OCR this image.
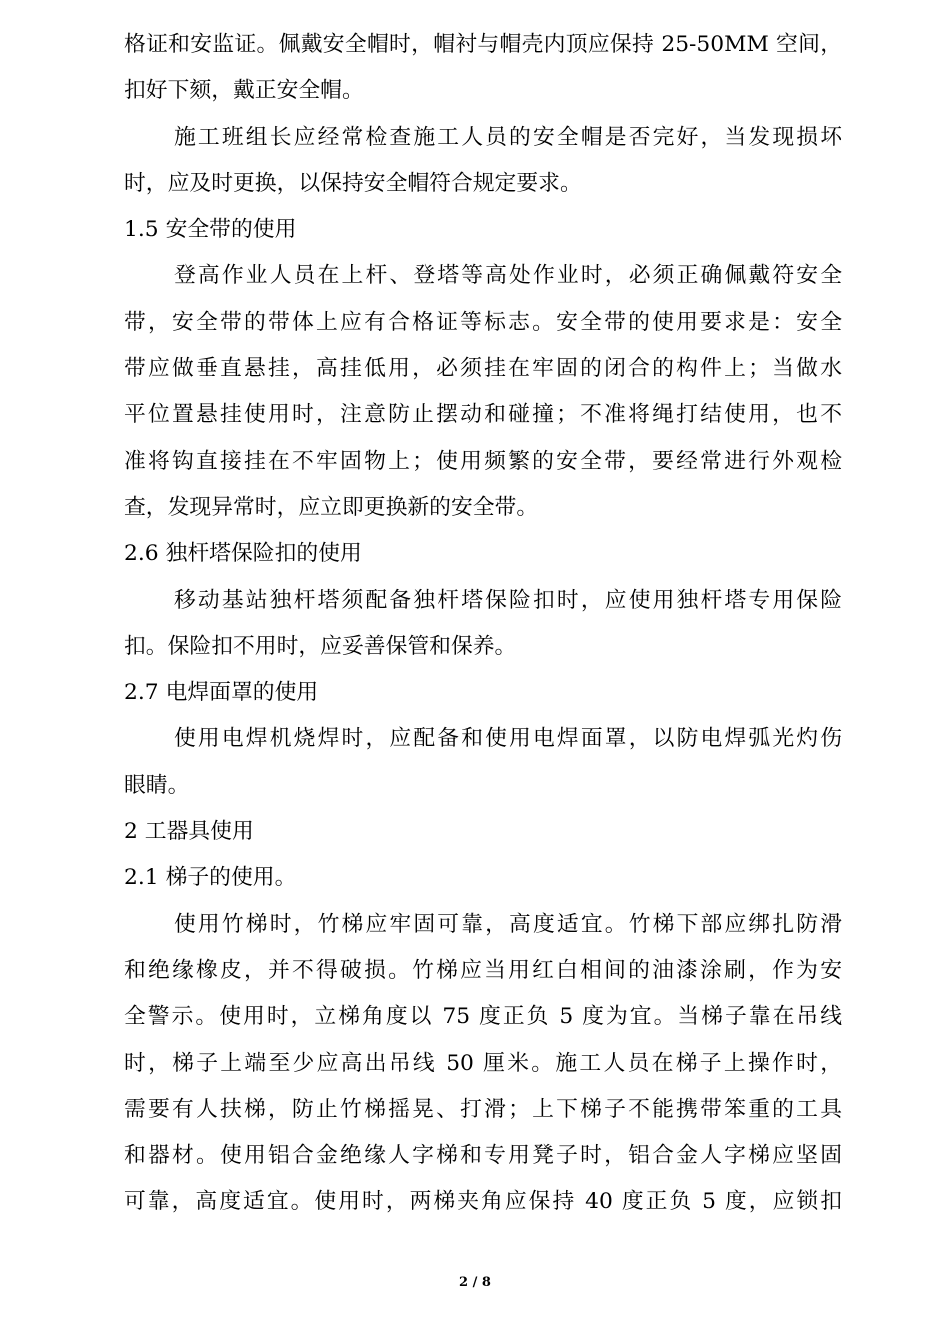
格证和安监证。佩戴安全帽时，帽衬与帽壳内顶应保持 25-50MM 空间，
扣好下颏，戴正安全帽。
施工班组长应经常检查施工人员的安全帽是否完好，当发现损坏
时，应及时更换，以保持安全帽符合规定要求。
1.5 安全带的使用
登高作业人员在上杆、登塔等高处作业时，必须正确佩戴符安全
带，安全带的带体上应有合格证等标志。安全带的使用要求是：安全
带应做垂直悬挂，高挂低用，必须挂在牢固的闭合的构件上；当做水
平位置悬挂使用时，注意防止摆动和碰撞；不准将绳打结使用，也不
准将钩直接挂在不牢固物上；使用频繁的安全带，要经常进行外观检
查，发现异常时，应立即更换新的安全带。
2.6 独杆塔保险扣的使用
移动基站独杆塔须配备独杆塔保险扣时，应使用独杆塔专用保险
扣。保险扣不用时，应妥善保管和保养。
2.7 电焊面罩的使用
使用电焊机烧焊时，应配备和使用电焊面罩，以防电焊弧光灼伤
眼睛。
2 工器具使用
2.1 梯子的使用。
使用竹梯时，竹梯应牢固可靠，高度适宜。竹梯下部应绑扎防滑
和绝缘橡皮，并不得破损。竹梯应当用红白相间的油漆涂刷，作为安
全警示。使用时，立梯角度以 75 度正负 5 度为宜。当梯子靠在吊线
时，梯子上端至少应高出吊线 50 厘米。施工人员在梯子上操作时，
需要有人扶梯，防止竹梯摇晃、打滑；上下梯子不能携带笨重的工具
和器材。使用铝合金绝缘人字梯和专用凳子时，铝合金人字梯应坚固
可靠，高度适宜。使用时，两梯夹角应保持 40 度正负 5 度，应锁扣
2 / 8
